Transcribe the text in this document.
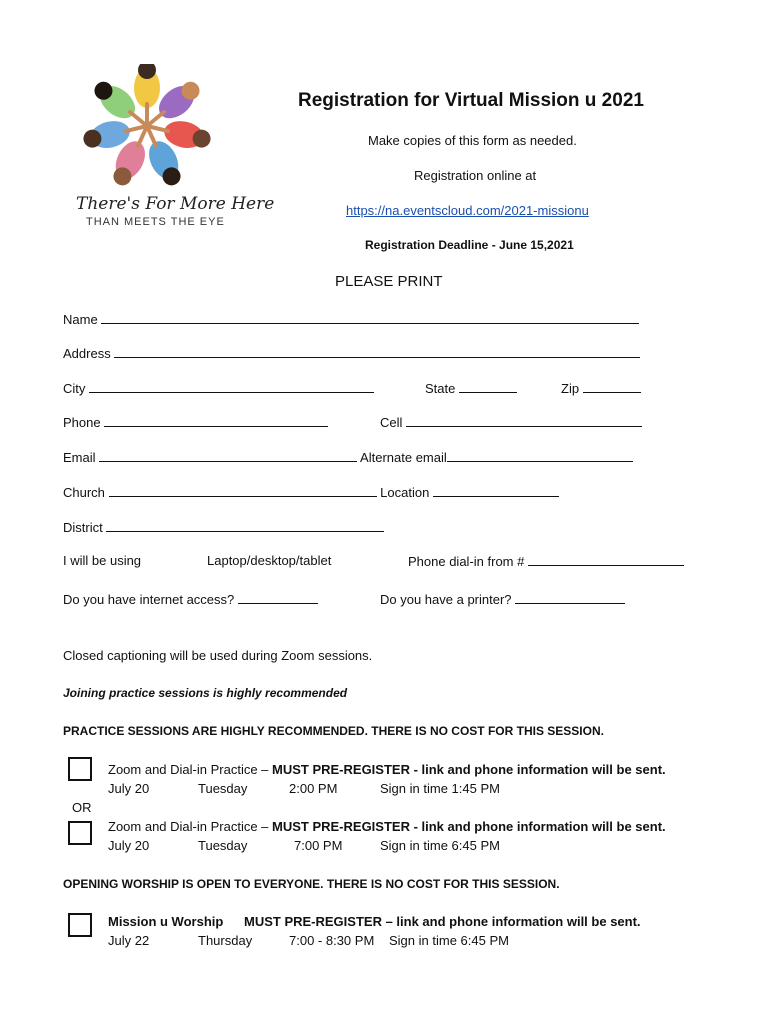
There's For More Here
THAN MEETS THE EYE
Registration for Virtual Mission u 2021
Make copies of this form as needed.
Registration online at
https://na.eventscloud.com/2021-missionu
Registration Deadline - June 15,2021
PLEASE PRINT
Name
Address
City	State	Zip
Phone	Cell
Email	Alternate email
Church	Location
District
I will be using	Laptop/desktop/tablet	Phone dial-in from #
Do you have internet access?	Do you have a printer?
Closed captioning will be used during Zoom sessions.
Joining practice sessions is highly recommended
PRACTICE SESSIONS ARE HIGHLY RECOMMENDED. THERE IS NO COST FOR THIS SESSION.
Zoom and Dial-in Practice – MUST PRE-REGISTER - link and phone information will be sent.
July 20	Tuesday	2:00 PM	Sign in time 1:45 PM
OR
Zoom and Dial-in Practice – MUST PRE-REGISTER - link and phone information will be sent.
July 20	Tuesday	7:00 PM	Sign in time 6:45 PM
OPENING WORSHIP IS OPEN TO EVERYONE. THERE IS NO COST FOR THIS SESSION.
Mission u Worship MUST PRE-REGISTER – link and phone information will be sent.
July 22	Thursday	7:00 - 8:30 PM Sign in time 6:45 PM
